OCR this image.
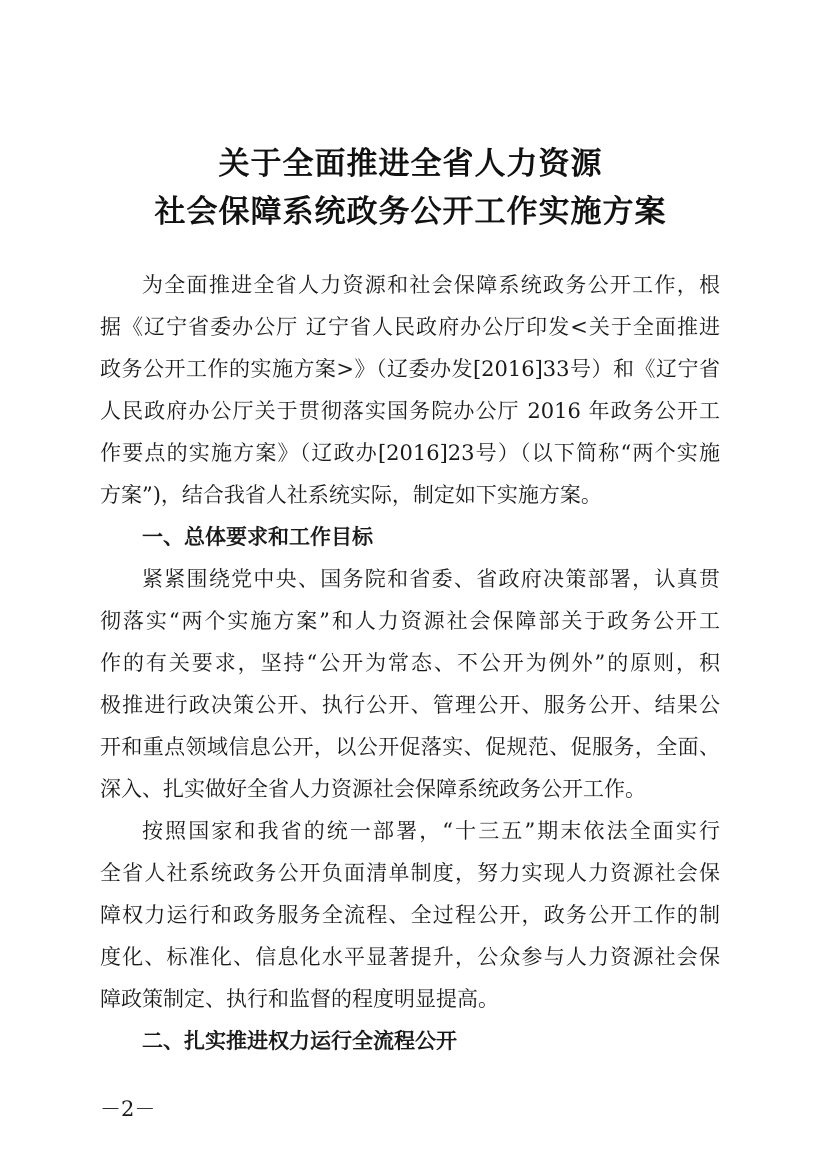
关于全面推进全省人力资源
社会保障系统政务公开工作实施方案
为全面推进全省人力资源和社会保障系统政务公开工作，根
据《辽宁省委办公厅 辽宁省人民政府办公厅印发<关于全面推进
政务公开工作的实施方案>》（辽委办发[2016]33号）和《辽宁省
人民政府办公厅关于贯彻落实国务院办公厅 2016 年政务公开工
作要点的实施方案》（辽政办[2016]23号）（以下简称“两个实施
方案”)，结合我省人社系统实际，制定如下实施方案。
一、总体要求和工作目标
紧紧围绕党中央、国务院和省委、省政府决策部署，认真贯
彻落实“两个实施方案”和人力资源社会保障部关于政务公开工
作的有关要求，坚持“公开为常态、不公开为例外”的原则，积
极推进行政决策公开、执行公开、管理公开、服务公开、结果公
开和重点领域信息公开，以公开促落实、促规范、促服务，全面、
深入、扎实做好全省人力资源社会保障系统政务公开工作。
按照国家和我省的统一部署，“十三五”期末依法全面实行
全省人社系统政务公开负面清单制度，努力实现人力资源社会保
障权力运行和政务服务全流程、全过程公开，政务公开工作的制
度化、标准化、信息化水平显著提升，公众参与人力资源社会保
障政策制定、执行和监督的程度明显提高。
二、扎实推进权力运行全流程公开
－2－
